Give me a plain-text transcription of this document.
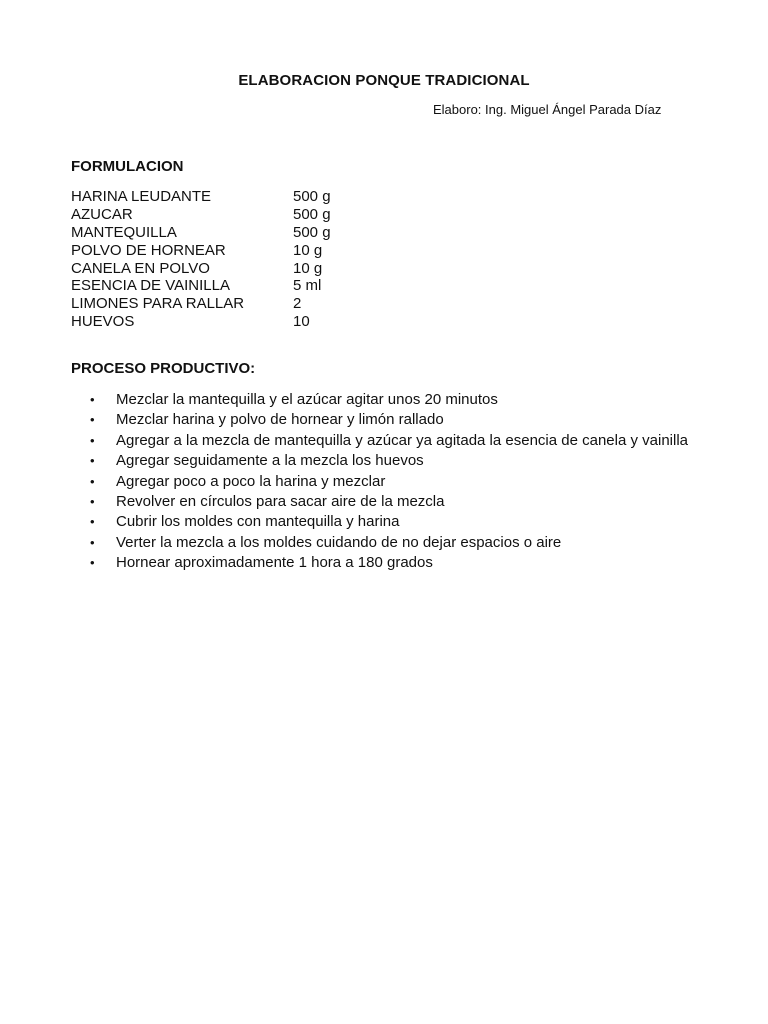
ELABORACION PONQUE TRADICIONAL
Elaboro: Ing. Miguel Ángel Parada Díaz
FORMULACION
HARINA LEUDANTE	500 g
AZUCAR	500 g
MANTEQUILLA	500 g
POLVO DE HORNEAR	10 g
CANELA EN POLVO	10 g
ESENCIA DE VAINILLA	5 ml
LIMONES PARA RALLAR	2
HUEVOS	10
PROCESO PRODUCTIVO:
•	Mezclar la mantequilla y el azúcar agitar unos 20 minutos
•	Mezclar harina y polvo de hornear y limón rallado
•	Agregar a la mezcla de mantequilla y azúcar ya agitada la esencia de canela y vainilla
•	Agregar seguidamente a la mezcla los huevos
•	Agregar poco a poco la harina y mezclar
•	Revolver en círculos para sacar aire de la mezcla
•	Cubrir los moldes con mantequilla y harina
•	Verter la mezcla a los moldes cuidando de no dejar espacios o aire
•	Hornear aproximadamente 1 hora a 180 grados
